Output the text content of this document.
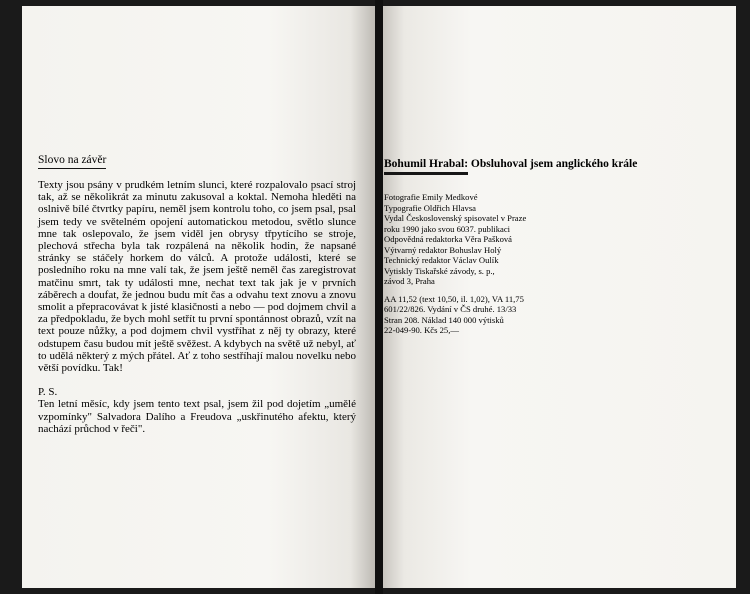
Slovo na závěr

Texty jsou psány v prudkém letním slunci, které rozpalovalo psací stroj tak, až se několikrát za minutu zakusoval a koktal. Nemoha hleděti na oslnivě bílé čtvrtky papíru, neměl jsem kontrolu toho, co jsem psal, psal jsem tedy ve světelném opojení automatickou metodou, světlo slunce mne tak oslepovalo, že jsem viděl jen obrysy třpytícího se stroje, plechová střecha byla tak rozpálená na několik hodin, že napsané stránky se stáčely horkem do válců. A protože události, které se posledního roku na mne valí tak, že jsem ještě neměl čas zaregistrovat matčinu smrt, tak ty události mne, nechat text tak jak je v prvních záběrech a doufat, že jednou budu mít čas a odvahu text znovu a znovu smolit a přepracovávat k jisté klasičnosti a nebo — pod dojmem chvil a za předpokladu, že bych mohl setřít tu první spontánnost obrazů, vzít na text pouze nůžky, a pod dojmem chvil vystříhat z něj ty obrazy, které odstupem času budou mít ještě svěžest. A kdybych na světě už nebyl, ať to udělá některý z mých přátel. Ať z toho sestříhají malou novelku nebo větší povídku. Tak!

P. S.

Ten letní měsíc, kdy jsem tento text psal, jsem žil pod dojetím „umělé vzpomínky" Salvadora Dalího a Freudova „uskřinutého afektu, který nachází průchod v řeči".

Bohumil Hrabal: Obsluhoval jsem anglického krále
Fotografie Emily Medkové
Typografie Oldřich Hlavsa
Vydal Československý spisovatel v Praze
roku 1990 jako svou 6037. publikaci
Odpovědná redaktorka Věra Pašková
Výtvarný redaktor Bohuslav Holý
Technický redaktor Václav Oulík
Vytiskly Tiskařské závody, s. p.,
závod 3, Praha
AA 11,52 (text 10,50, il. 1,02), VA 11,75
601/22/826. Vydání v ČS druhé. 13/33
Stran 208. Náklad 140 000 výtisků
22-049-90. Kčs 25,—
